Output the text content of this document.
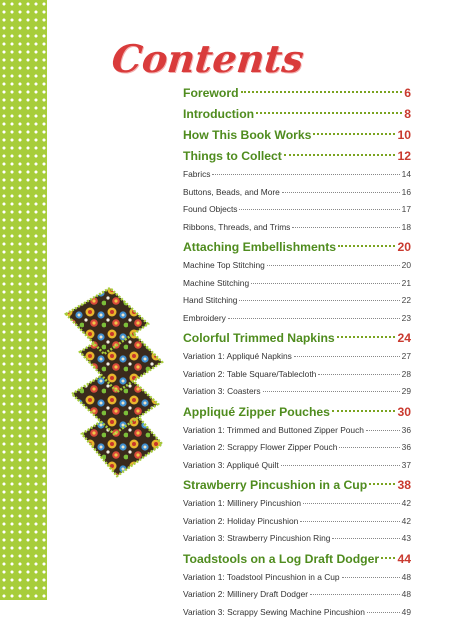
Contents
Foreword	6
Introduction	8
How This Book Works	10
Things to Collect	12
Fabrics	14
Buttons, Beads, and More	16
Found Objects	17
Ribbons, Threads, and Trims	18
Attaching Embellishments	20
Machine Top Stitching	20
Machine Stitching	21
Hand Stitching	22
Embroidery	23
Colorful Trimmed Napkins	24
Variation 1: Appliqué Napkins	27
Variation 2: Table Square/Tablecloth	28
Variation 3: Coasters	29
Appliqué Zipper Pouches	30
Variation 1: Trimmed and Buttoned Zipper Pouch	36
Variation 2: Scrappy Flower Zipper Pouch	36
Variation 3: Appliqué Quilt	37
Strawberry Pincushion in a Cup 38
Variation 1: Millinery Pincushion	42
Variation 2: Holiday Pincushion	42
Variation 3: Strawberry Pincushion Ring	43
Toadstools on a Log Draft Dodger 44
Variation 1: Toadstool Pincushion in a Cup	48
Variation 2: Millinery Draft Dodger	48
Variation 3: Scrappy Sewing Machine Pincushion	49
